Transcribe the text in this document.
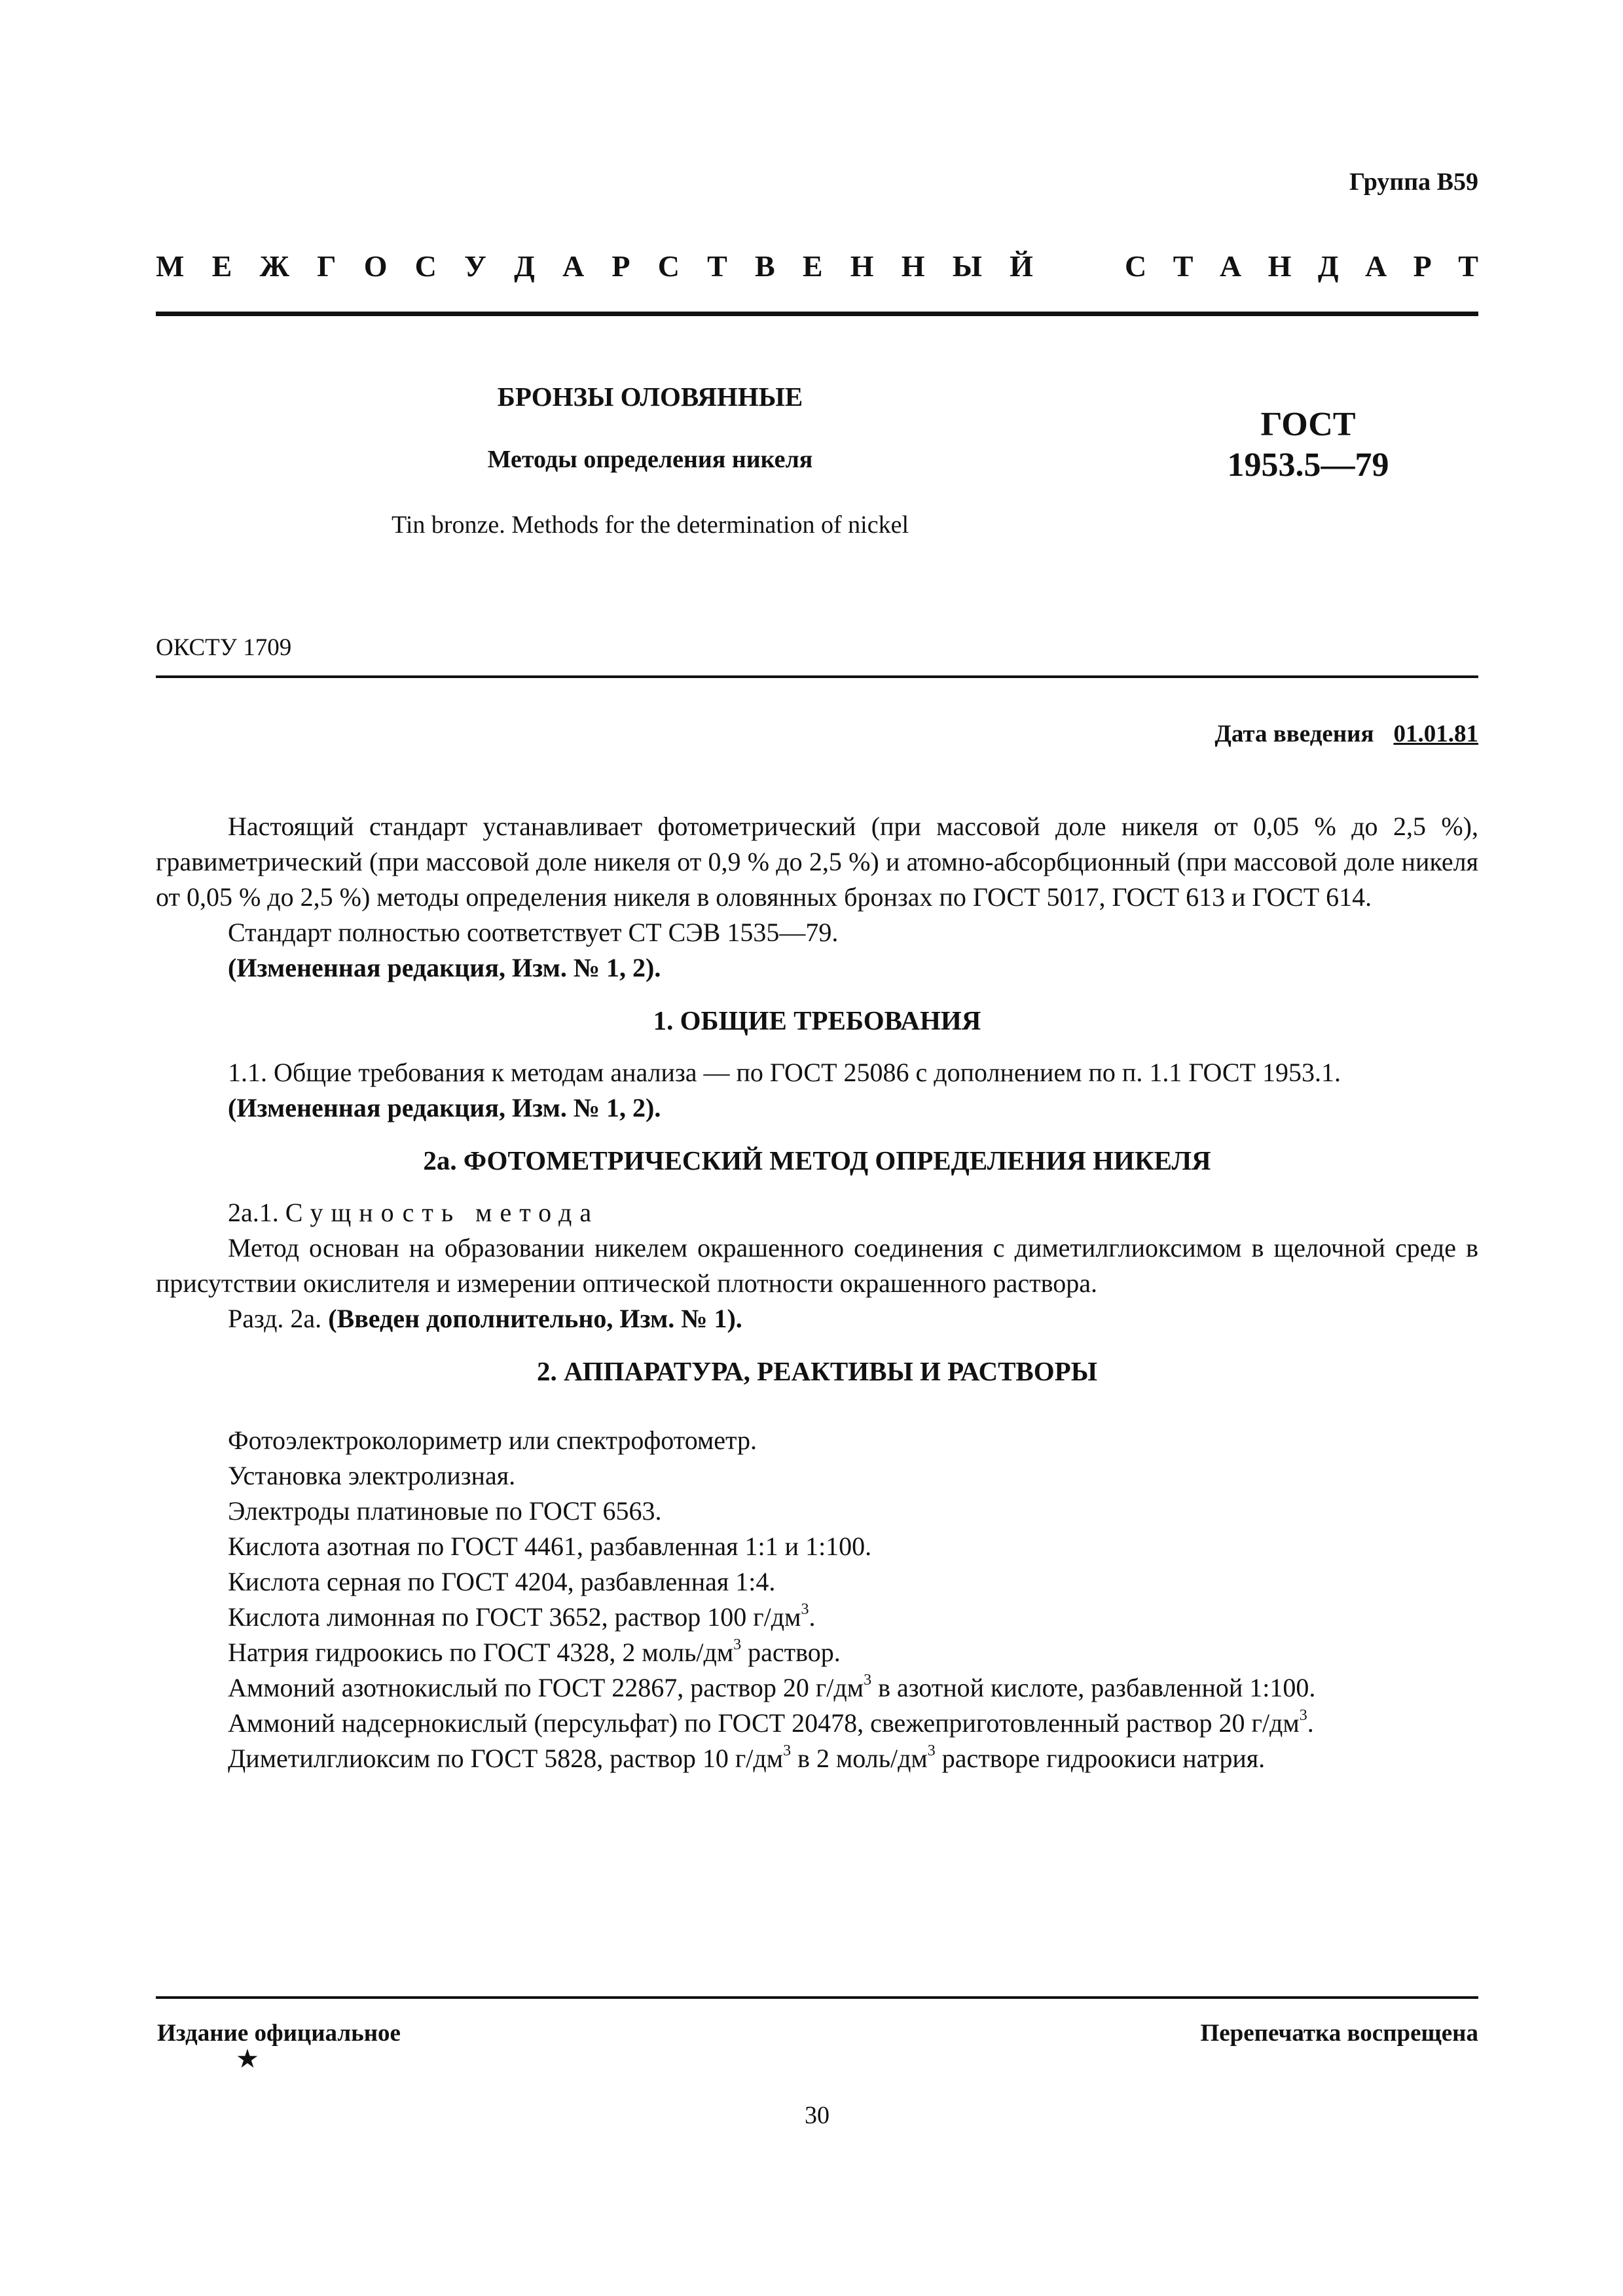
Группа В59
М Е Ж Г О С У Д А Р С Т В Е Н Н Ы Й	С Т А Н Д А Р Т
БРОНЗЫ ОЛОВЯННЫЕ
Методы определения никеля
Tin bronze. Methods for the determination of nickel
ГОСТ
1953.5—79
ОКСТУ 1709
Дата введения 01.01.81

Настоящий стандарт устанавливает фотометрический (при массовой доле никеля от 0,05 % до 2,5 %), гравиметрический (при массовой доле никеля от 0,9 % до 2,5 %) и атомно-абсорбционный (при массовой доле никеля от 0,05 % до 2,5 %) методы определения никеля в оловянных бронзах по ГОСТ 5017, ГОСТ 613 и ГОСТ 614.

Стандарт полностью соответствует СТ СЭВ 1535—79.

(Измененная редакция, Изм. № 1, 2).

1. ОБЩИЕ ТРЕБОВАНИЯ

1.1. Общие требования к методам анализа — по ГОСТ 25086 с дополнением по п. 1.1 ГОСТ 1953.1.

(Измененная редакция, Изм. № 1, 2).

2а. ФОТОМЕТРИЧЕСКИЙ МЕТОД ОПРЕДЕЛЕНИЯ НИКЕЛЯ

2а.1. Сущность метода

Метод основан на образовании никелем окрашенного соединения с диметилглиоксимом в щелочной среде в присутствии окислителя и измерении оптической плотности окрашенного раствора.

Разд. 2а. (Введен дополнительно, Изм. № 1).

2. АППАРАТУРА, РЕАКТИВЫ И РАСТВОРЫ

Фотоэлектроколориметр или спектрофотометр.

Установка электролизная.

Электроды платиновые по ГОСТ 6563.

Кислота азотная по ГОСТ 4461, разбавленная 1:1 и 1:100.

Кислота серная по ГОСТ 4204, разбавленная 1:4.

Кислота лимонная по ГОСТ 3652, раствор 100 $г/дм^3$.

Натрия гидроокись по ГОСТ 4328, 2 моль/$дм^3$ раствор.

Аммоний азотнокислый по ГОСТ 22867, раствор 20 $г/дм^3$ в азотной кислоте, разбавленной 1:100.

Аммоний надсернокислый (персульфат) по ГОСТ 20478, свежеприготовленный раствор 20 $г/дм^3$.

Диметилглиоксим по ГОСТ 5828, раствор 10 $г/дм^3$ в 2 моль/$дм^3$ растворе гидроокиси натрия.

Издание официальное	Перепечатка воспрещена
★
30
